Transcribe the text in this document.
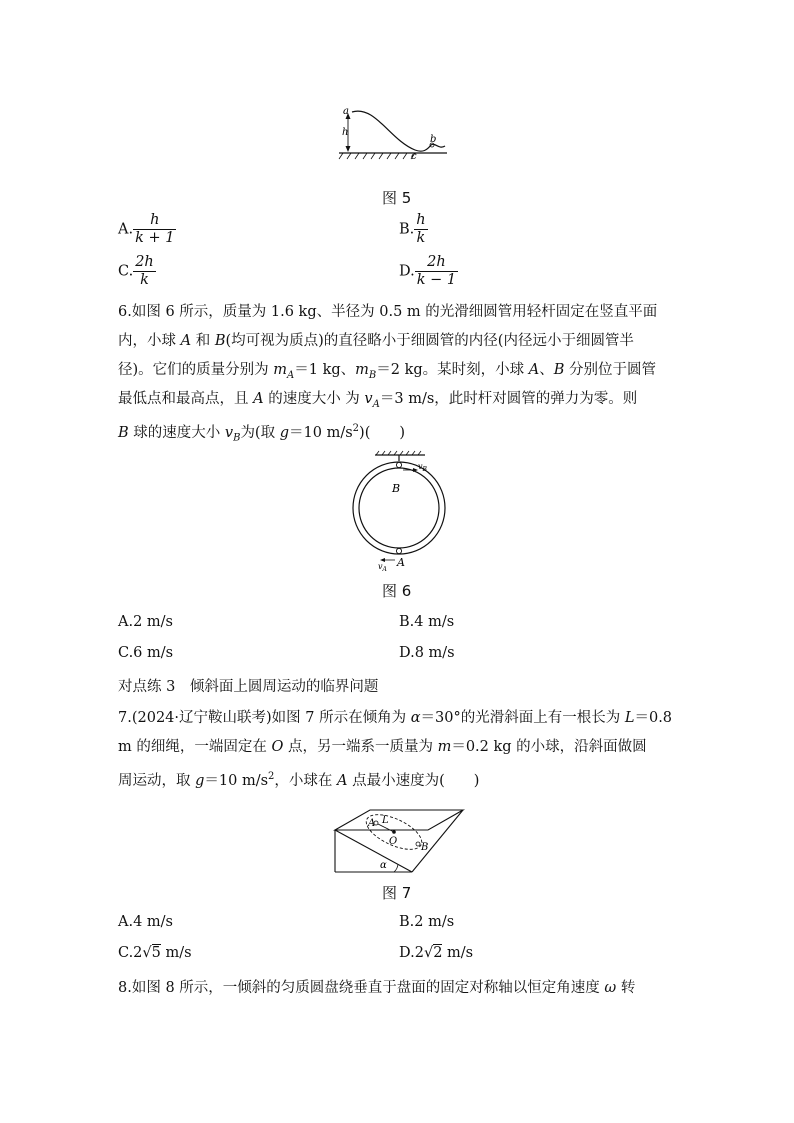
a
h
b
c
图 5
A. $\frac{h}{k + 1}$	B. $\frac{h}{k}$
C. $\frac{2h}{k}$	D. $\frac{2h}{k - 1}$
6.如图 6 所示，质量为 1.6 kg、半径为 0.5 m 的光滑细圆管用轻杆固定在竖直平面
内，小球 A 和 B(均可视为质点)的直径略小于细圆管的内径(内径远小于细圆管半
径)。它们的质量分别为 $m_A=1$ kg、$m_B=2$ kg。某时刻，小球 A、B 分别位于圆管
最低点和最高点，且 A 的速度大小 为 $v_A=3$ m/s，此时杆对圆管的弹力为零。则
B 球的速度大小 $v_B$为(取 g＝10 $m/s^2$)(　　)
$v_B$
B
A
$v_A$
图 6
A.2 m/s	B.4 m/s
C.6 m/s	D.8 m/s
对点练 3　倾斜面上圆周运动的临界问题
7.(2024·辽宁鞍山联考)如图 7 所示在倾角为 α＝30°的光滑斜面上有一根长为 L＝0.8
m 的细绳，一端固定在 O 点，另一端系一质量为 m＝0.2 kg 的小球，沿斜面做圆
周运动，取 g＝10 $m/s^2$，小球在 A 点最小速度为(　　)
A L
O
B
α
图 7
A.4 m/s	B.2 m/s
C.2√5 m/s	D.2√2 m/s
8.如图 8 所示，一倾斜的匀质圆盘绕垂直于盘面的固定对称轴以恒定角速度 ω 转
